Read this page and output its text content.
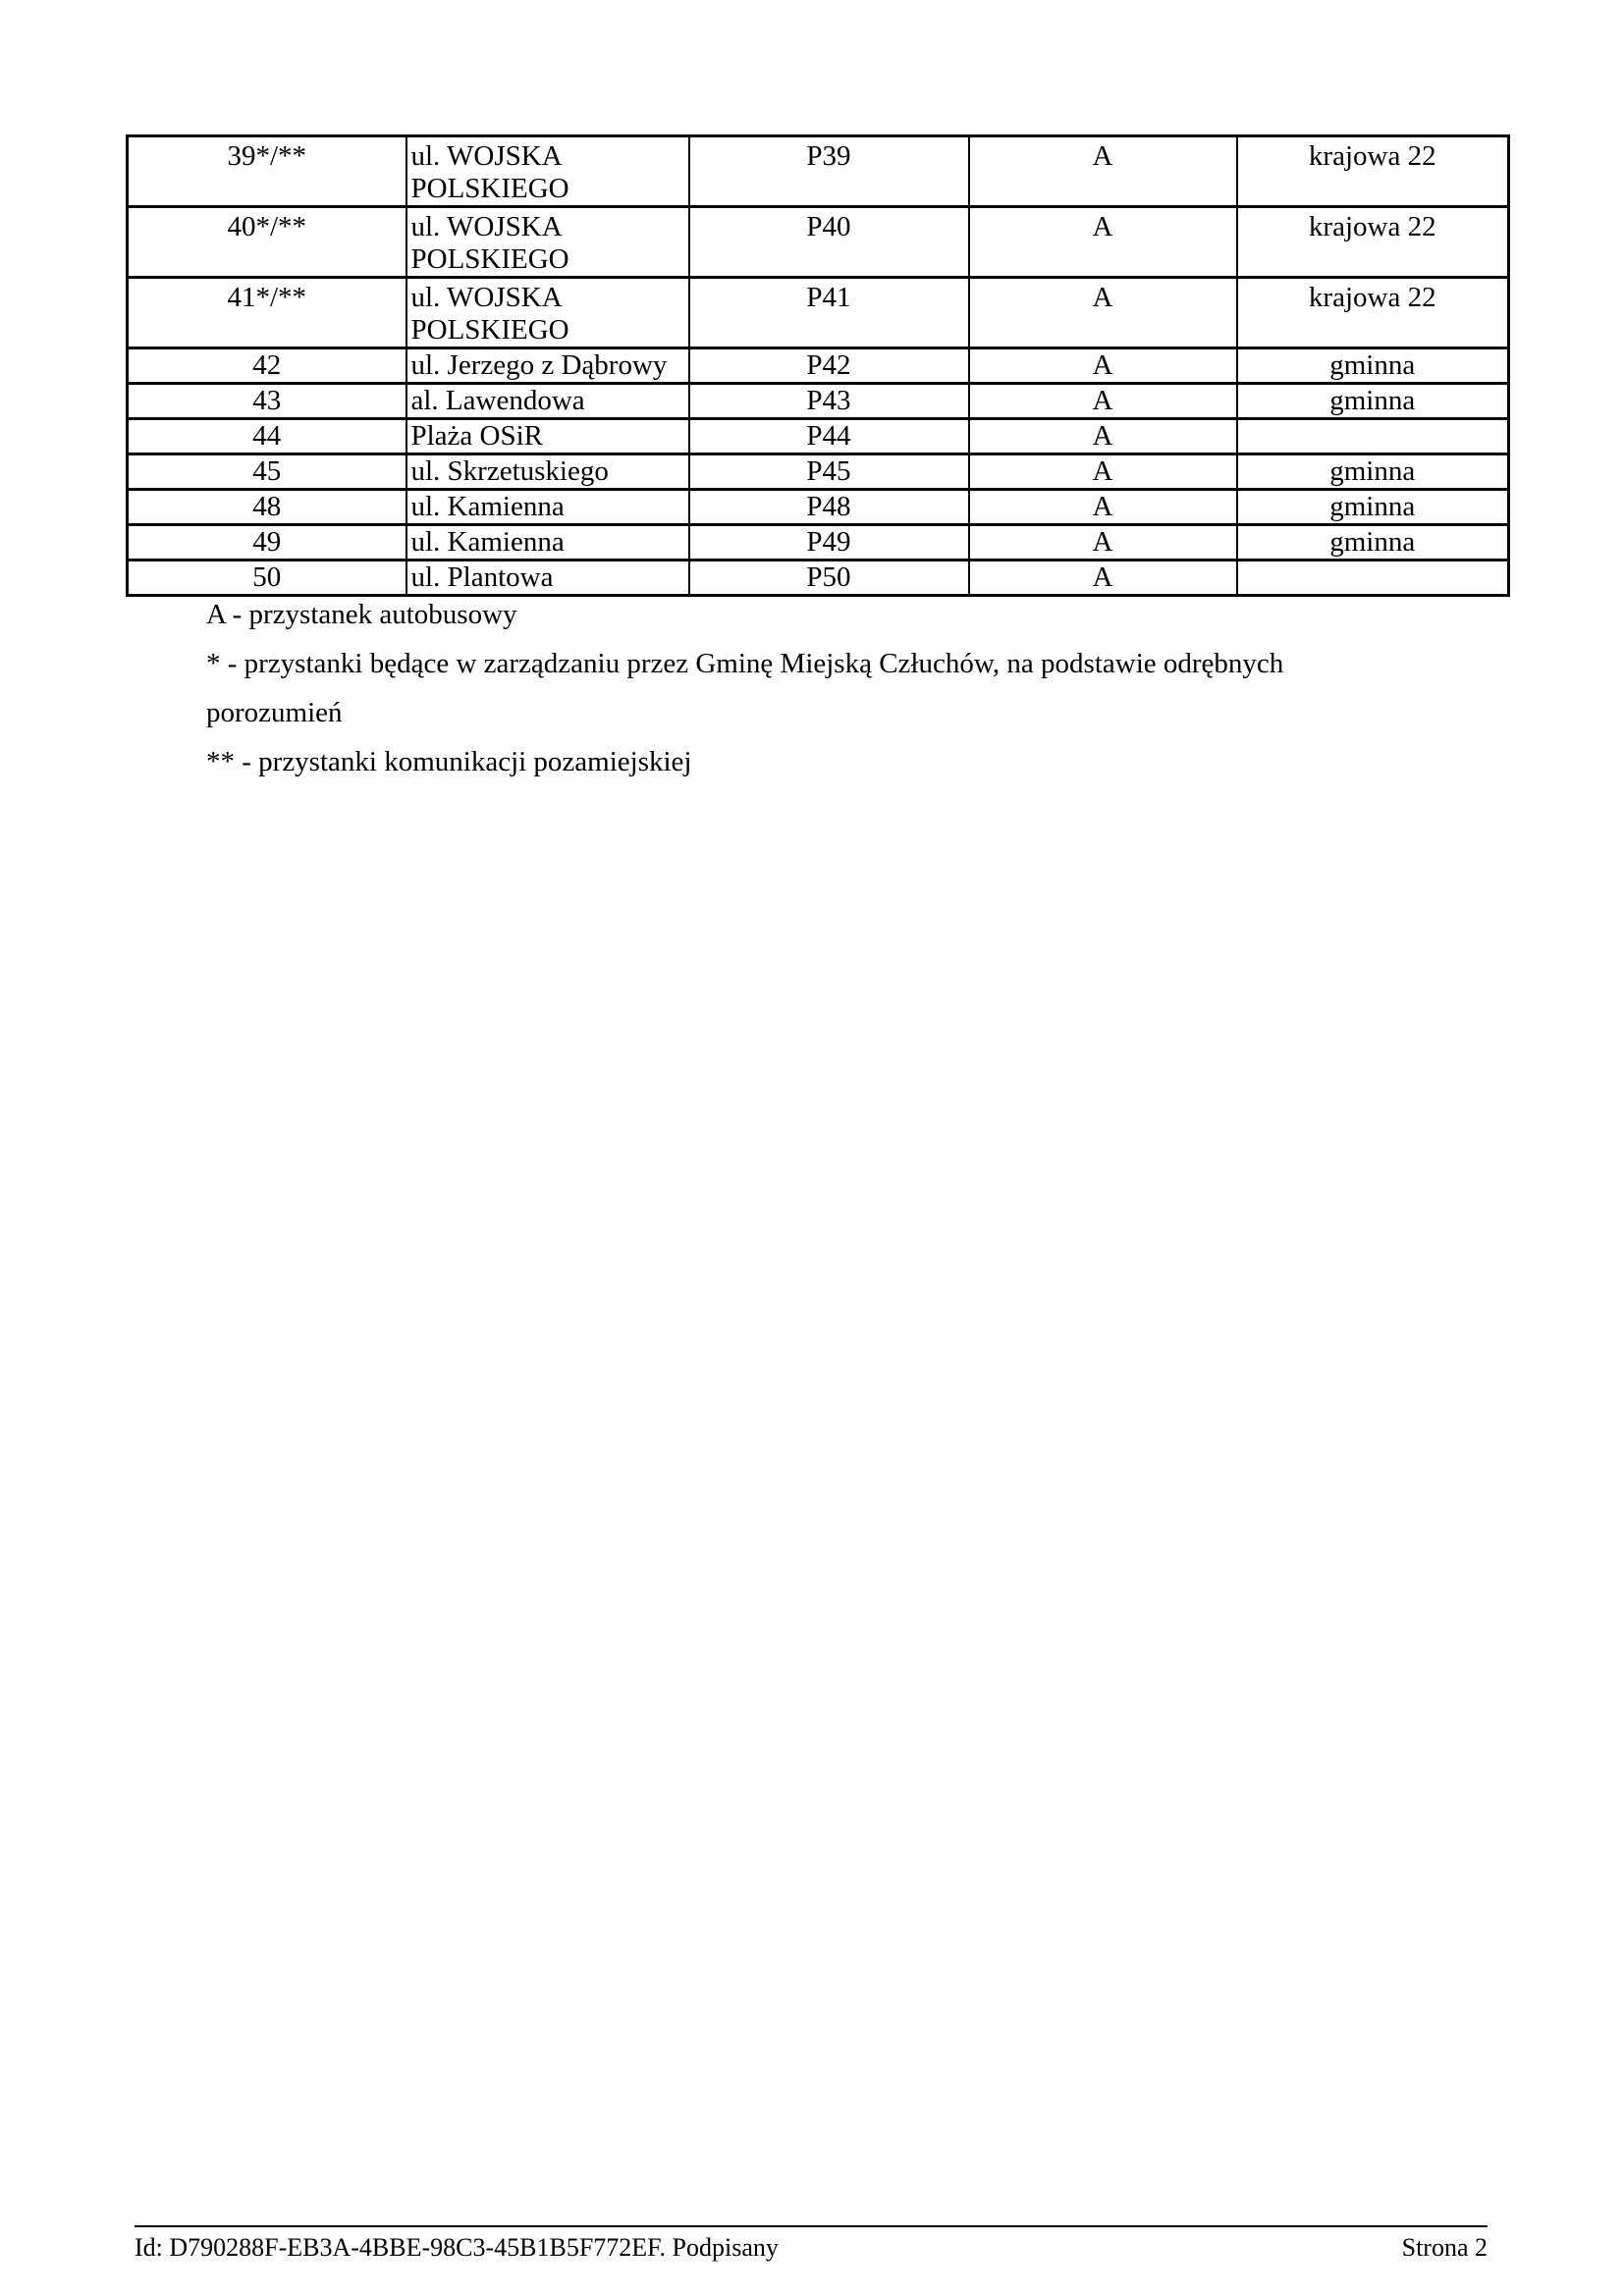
39*/**	ul. WOJSKA POLSKIEGO	P39	A	krajowa 22
40*/**	ul. WOJSKA POLSKIEGO	P40	A	krajowa 22
41*/**	ul. WOJSKA POLSKIEGO	P41	A	krajowa 22
42	ul. Jerzego z Dąbrowy	P42	A	gminna
43	al. Lawendowa	P43	A	gminna
44	Plaża OSiR	P44	A	
45	ul. Skrzetuskiego	P45	A	gminna
48	ul. Kamienna	P48	A	gminna
49	ul. Kamienna	P49	A	gminna
50	ul. Plantowa	P50	A	

A - przystanek autobusowy

* - przystanki będące w zarządzaniu przez Gminę Miejską Człuchów, na podstawie odrębnych

porozumień

** - przystanki komunikacji pozamiejskiej

Id: D790288F-EB3A-4BBE-98C3-45B1B5F772EF. Podpisany	Strona 2
